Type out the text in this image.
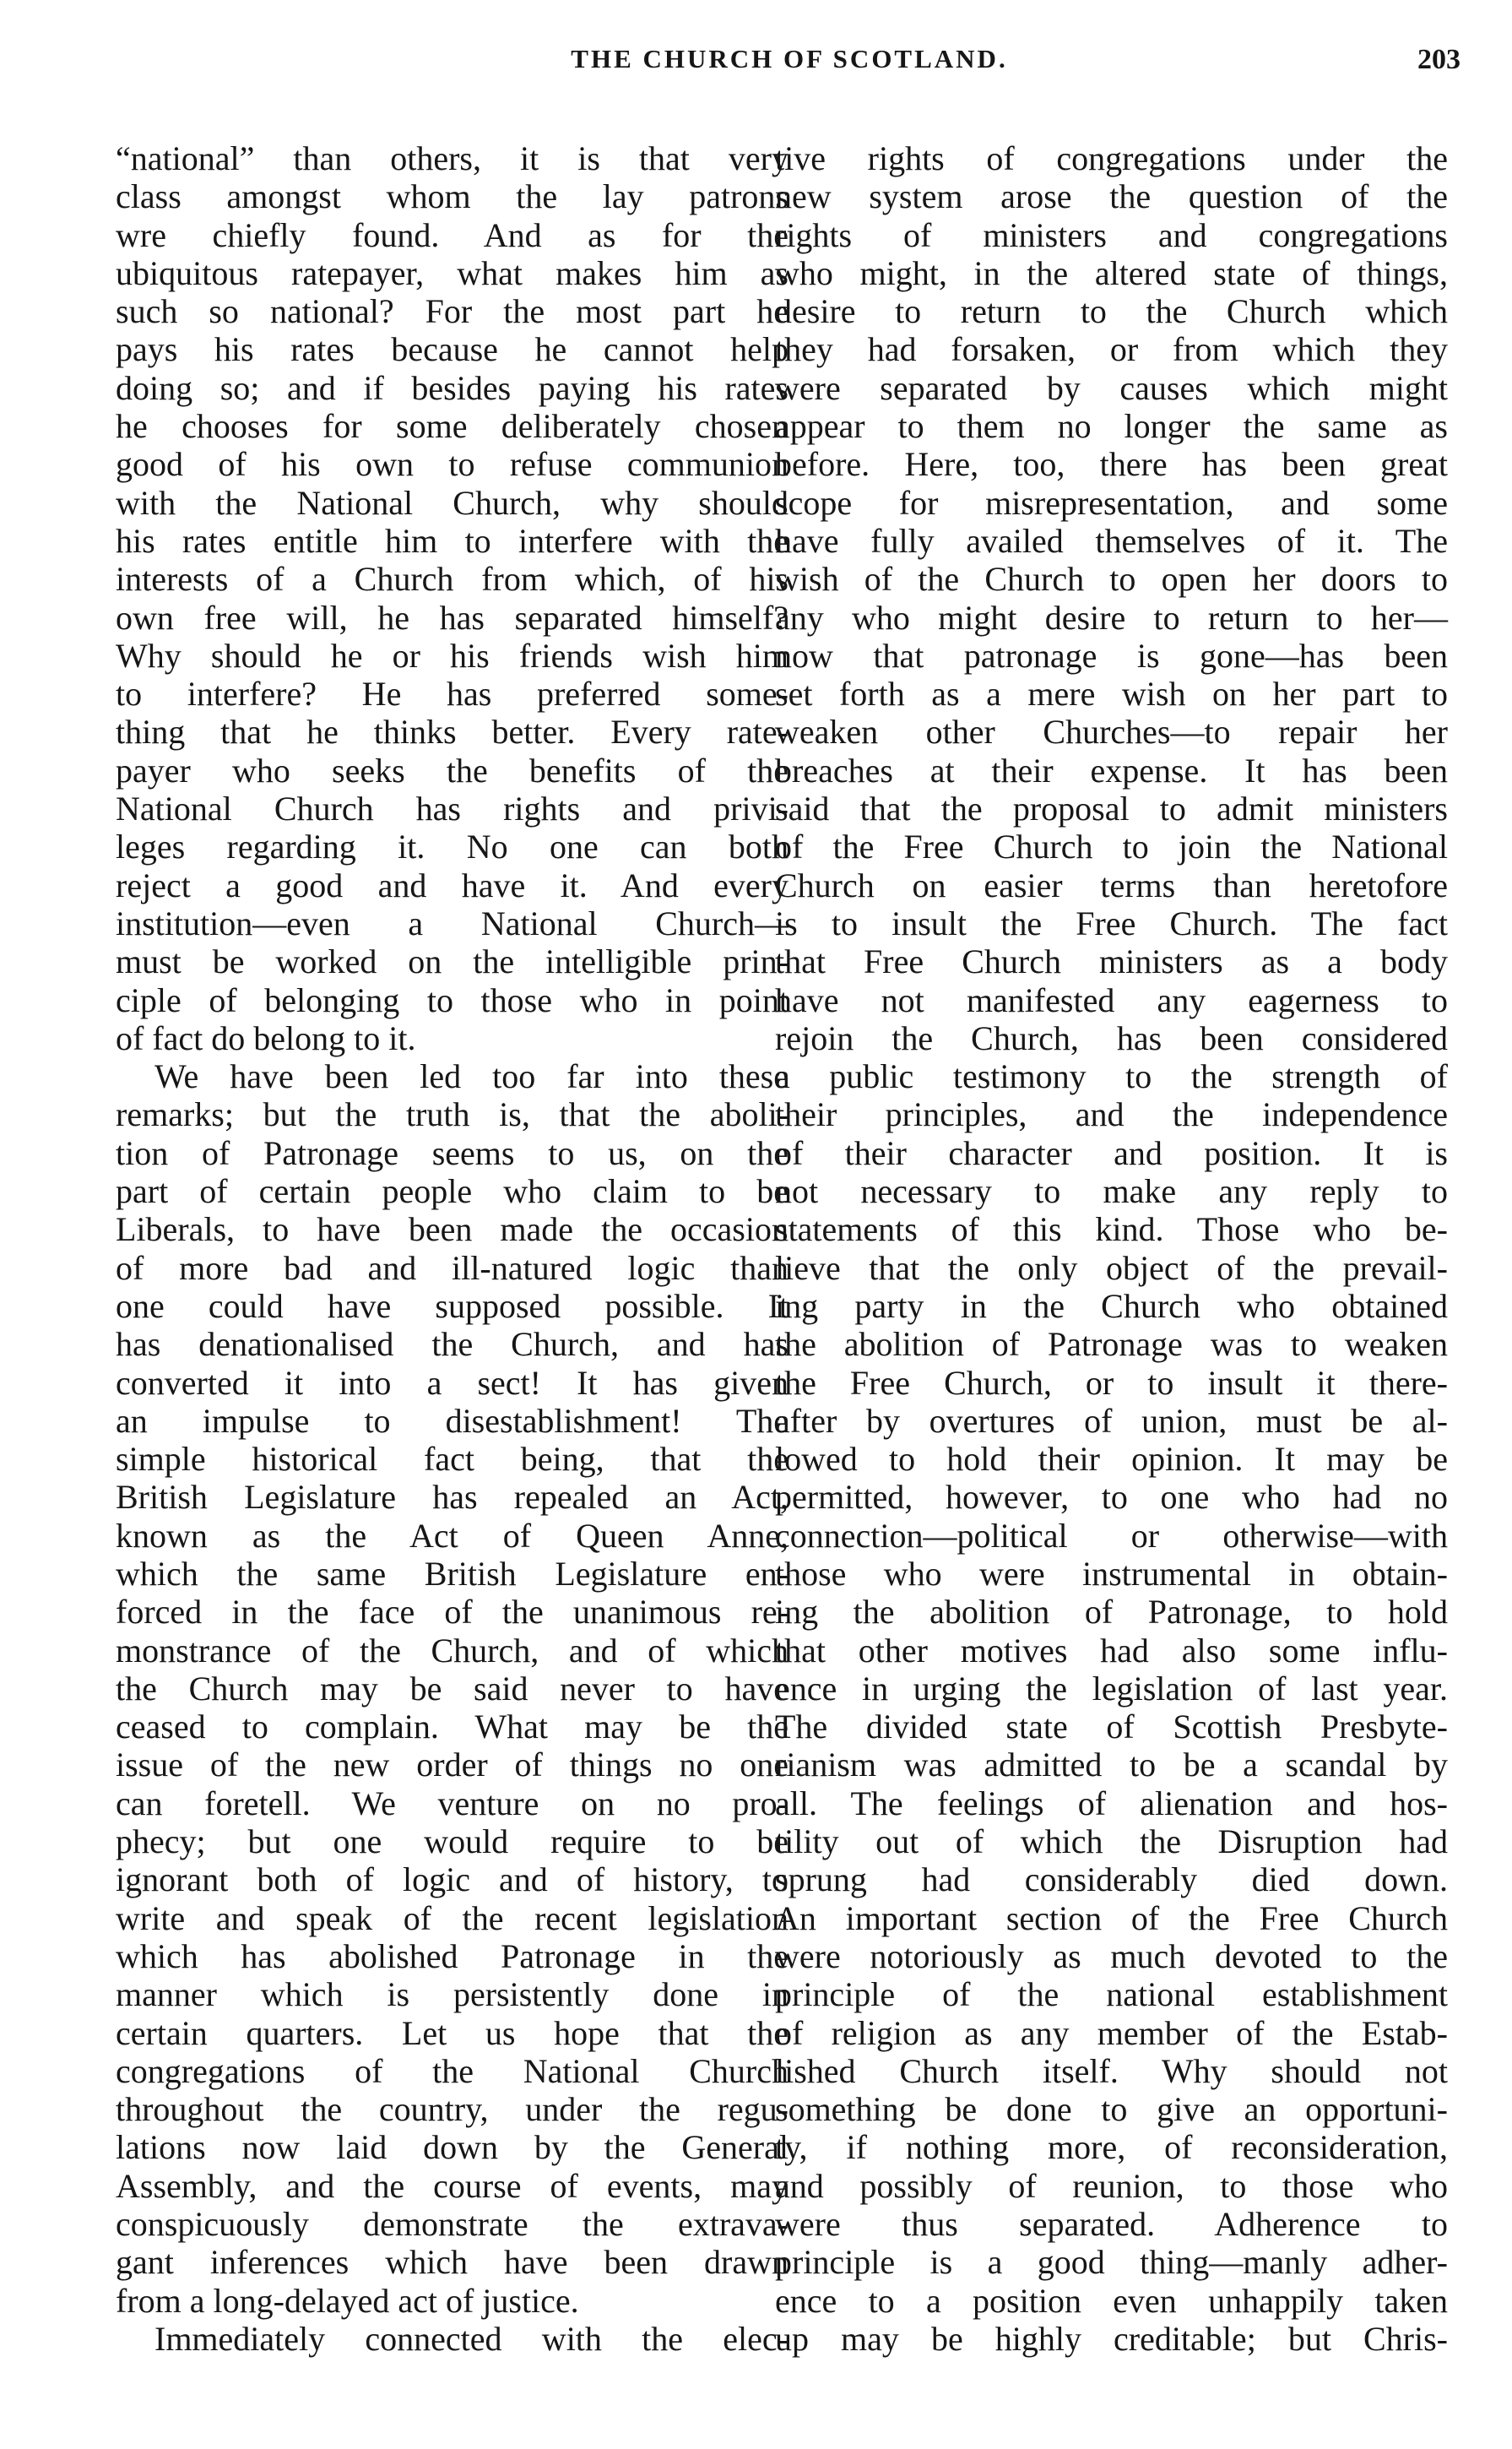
THE CHURCH OF SCOTLAND.	203
“national” than others, it is that very
class amongst whom the lay patrons
wre chiefly found. And as for the
ubiquitous ratepayer, what makes him as
such so national? For the most part he
pays his rates because he cannot help
doing so; and if besides paying his rates
he chooses for some deliberately chosen
good of his own to refuse communion
with the National Church, why should
his rates entitle him to interfere with the
interests of a Church from which, of his
own free will, he has separated himself?
Why should he or his friends wish him
to interfere? He has preferred some-
thing that he thinks better. Every rate-
payer who seeks the benefits of the
National Church has rights and privi-
leges regarding it. No one can both
reject a good and have it. And every
institution—even a National Church—
must be worked on the intelligible prin-
ciple of belonging to those who in point
of fact do belong to it.
We have been led too far into these
remarks; but the truth is, that the aboli-
tion of Patronage seems to us, on the
part of certain people who claim to be
Liberals, to have been made the occasion
of more bad and ill-natured logic than
one could have supposed possible. It
has denationalised the Church, and has
converted it into a sect! It has given
an impulse to disestablishment! The
simple historical fact being, that the
British Legislature has repealed an Act,
known as the Act of Queen Anne,
which the same British Legislature en-
forced in the face of the unanimous re-
monstrance of the Church, and of which
the Church may be said never to have
ceased to complain. What may be the
issue of the new order of things no one
can foretell. We venture on no pro-
phecy; but one would require to be
ignorant both of logic and of history, to
write and speak of the recent legislation
which has abolished Patronage in the
manner which is persistently done in
certain quarters. Let us hope that the
congregations of the National Church
throughout the country, under the regu-
lations now laid down by the General
Assembly, and the course of events, may
conspicuously demonstrate the extrava-
gant inferences which have been drawn
from a long-delayed act of justice.
Immediately connected with the elec-
tive rights of congregations under the
new system arose the question of the
rights of ministers and congregations
who might, in the altered state of things,
desire to return to the Church which
they had forsaken, or from which they
were separated by causes which might
appear to them no longer the same as
before. Here, too, there has been great
scope for misrepresentation, and some
have fully availed themselves of it. The
wish of the Church to open her doors to
any who might desire to return to her—
now that patronage is gone—has been
set forth as a mere wish on her part to
weaken other Churches—to repair her
breaches at their expense. It has been
said that the proposal to admit ministers
of the Free Church to join the National
Church on easier terms than heretofore
is to insult the Free Church. The fact
that Free Church ministers as a body
have not manifested any eagerness to
rejoin the Church, has been considered
a public testimony to the strength of
their principles, and the independence
of their character and position. It is
not necessary to make any reply to
statements of this kind. Those who be-
lieve that the only object of the prevail-
ing party in the Church who obtained
the abolition of Patronage was to weaken
the Free Church, or to insult it there-
after by overtures of union, must be al-
lowed to hold their opinion. It may be
permitted, however, to one who had no
connection—political or otherwise—with
those who were instrumental in obtain-
ing the abolition of Patronage, to hold
that other motives had also some influ-
ence in urging the legislation of last year.
The divided state of Scottish Presbyte-
rianism was admitted to be a scandal by
all. The feelings of alienation and hos-
tility out of which the Disruption had
sprung had considerably died down.
An important section of the Free Church
were notoriously as much devoted to the
principle of the national establishment
of religion as any member of the Estab-
lished Church itself. Why should not
something be done to give an opportuni-
ty, if nothing more, of reconsideration,
and possibly of reunion, to those who
were thus separated. Adherence to
principle is a good thing—manly adher-
ence to a position even unhappily taken
up may be highly creditable; but Chris-
